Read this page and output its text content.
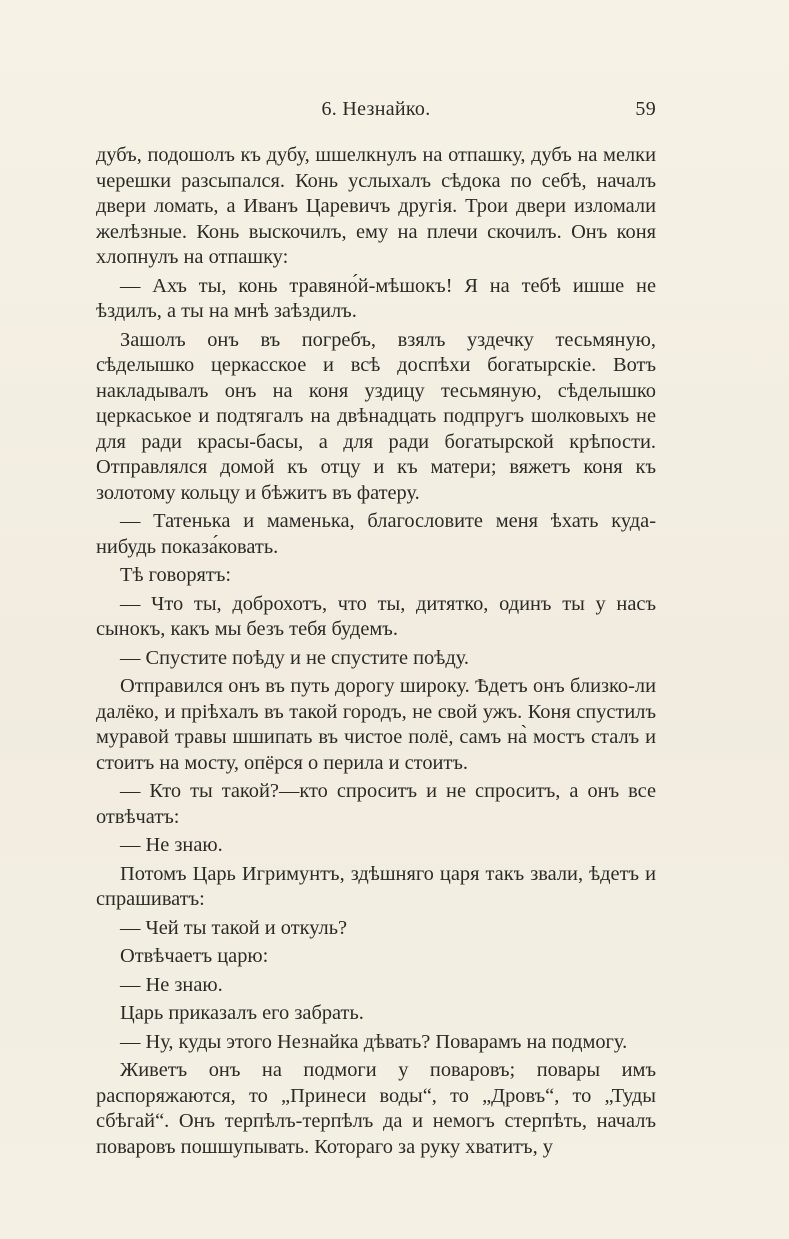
6. Незнайко.	59

дубъ, подошолъ къ дубу, шшелкнулъ на отпашку, дубъ на мелки черешки разсыпался. Конь услыхалъ сѣдока по себѣ, началъ двери ломать, а Иванъ Царевичъ другія. Трои двери изломали желѣзные. Конь выскочилъ, ему на плечи скочилъ. Онъ коня хлопнулъ на отпашку:

— Ахъ ты, конь травяно́й-мѣшокъ! Я на тебѣ ишше не ѣздилъ, а ты на мнѣ заѣздилъ.

Зашолъ онъ въ погребъ, взялъ уздечку тесьмяную, сѣделышко церкасское и всѣ доспѣхи богатырскіе. Вотъ накладывалъ онъ на коня уздицу тесьмяную, сѣделышко церкаськое и подтягалъ на двѣнадцать подпругъ шолковыхъ не для ради красы-басы, а для ради богатырской крѣпости. Отправлялся домой къ отцу и къ матери; вяжетъ коня къ золотому кольцу и бѣжитъ въ фатеру.

— Татенька и маменька, благословите меня ѣхать куда-нибудь показа́ковать.

Тѣ говорятъ:

— Что ты, доброхотъ, что ты, дитятко, одинъ ты у насъ сынокъ, какъ мы безъ тебя будемъ.

— Спустите поѣду и не спустите поѣду.

Отправился онъ въ путь дорогу широку. Ѣдетъ онъ близко-ли далёко, и пріѣхалъ въ такой городъ, не свой ужъ. Коня спустилъ муравой травы шшипать въ чистое полё, самъ на̀ мостъ сталъ и стоитъ на мосту, опёрся о перила и стоитъ.

— Кто ты такой?—кто спроситъ и не спроситъ, а онъ все отвѣчатъ:

— Не знаю.

Потомъ Царь Игримунтъ, здѣшняго царя такъ звали, ѣдетъ и спрашиватъ:

— Чей ты такой и откуль?

Отвѣчаетъ царю:

— Не знаю.

Царь приказалъ его забрать.

— Ну, куды этого Незнайка дѣвать? Поварамъ на подмогу.

Живетъ онъ на подмоги у поваровъ; повары имъ распоряжаются, то „Принеси воды“, то „Дровъ“, то „Туды сбѣгай“. Онъ терпѣлъ-терпѣлъ да и немогъ стерпѣть, началъ поваровъ пошшупывать. Котораго за руку хватитъ, у
